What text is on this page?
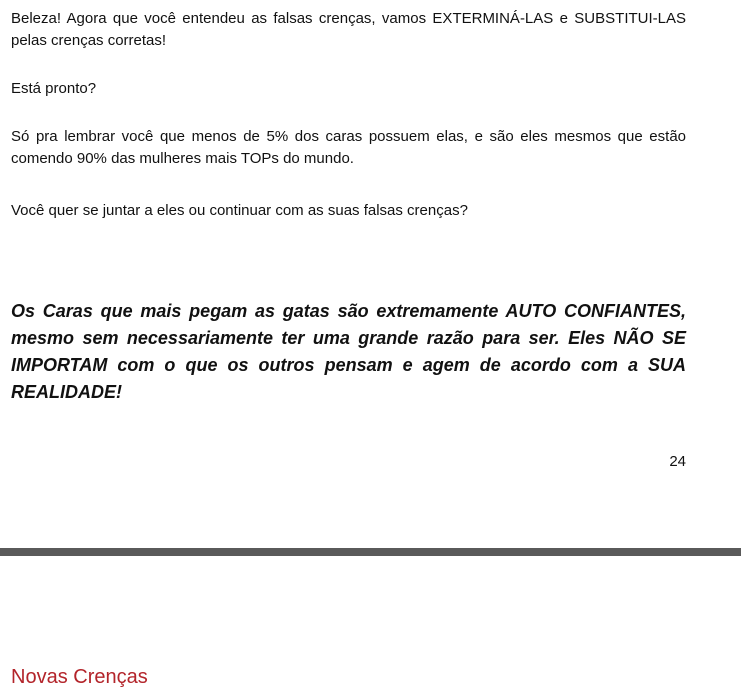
Beleza! Agora que você entendeu as falsas crenças, vamos EXTERMINÁ-LAS e SUBSTITUI-LAS pelas crenças corretas!

Está pronto?

Só pra lembrar você que menos de 5% dos caras possuem elas, e são eles mesmos que estão comendo 90% das mulheres mais TOPs do mundo.

Você quer se juntar a eles ou continuar com as suas falsas crenças?

Os Caras que mais pegam as gatas são extremamente AUTO CONFIANTES, mesmo sem necessariamente ter uma grande razão para ser. Eles NÃO SE IMPORTAM com o que os outros pensam e agem de acordo com a SUA REALIDADE!

24
Novas Crenças
